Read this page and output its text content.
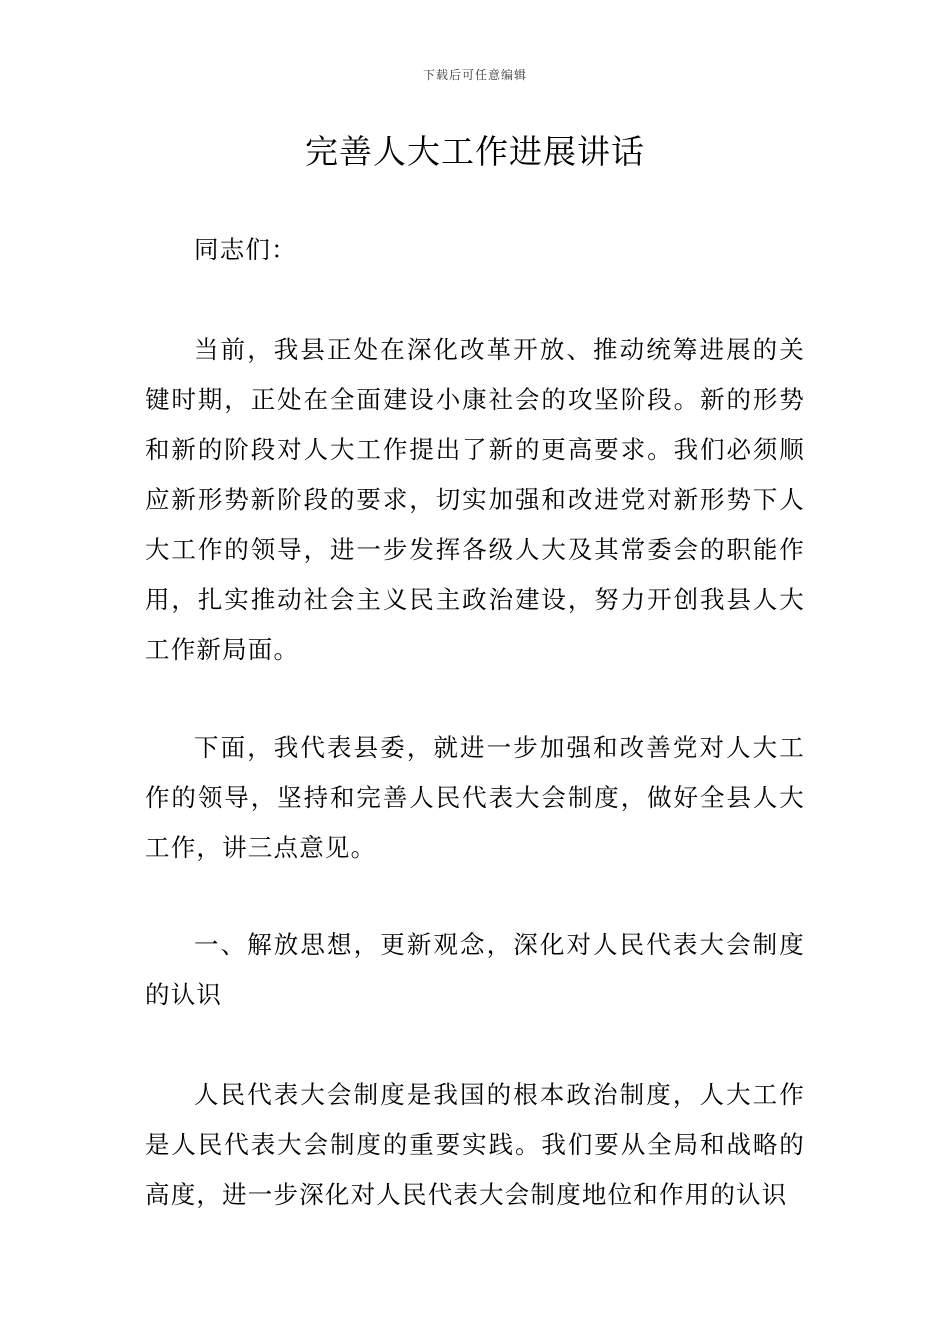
下载后可任意编辑
完善人大工作进展讲话

同志们：

当前，我县正处在深化改革开放、推动统筹进展的关键时期，正处在全面建设小康社会的攻坚阶段。新的形势和新的阶段对人大工作提出了新的更高要求。我们必须顺应新形势新阶段的要求，切实加强和改进党对新形势下人大工作的领导，进一步发挥各级人大及其常委会的职能作用，扎实推动社会主义民主政治建设，努力开创我县人大工作新局面。

下面，我代表县委，就进一步加强和改善党对人大工作的领导，坚持和完善人民代表大会制度，做好全县人大工作，讲三点意见。

一、解放思想，更新观念，深化对人民代表大会制度的认识

人民代表大会制度是我国的根本政治制度，人大工作是人民代表大会制度的重要实践。我们要从全局和战略的高度，进一步深化对人民代表大会制度地位和作用的认识
